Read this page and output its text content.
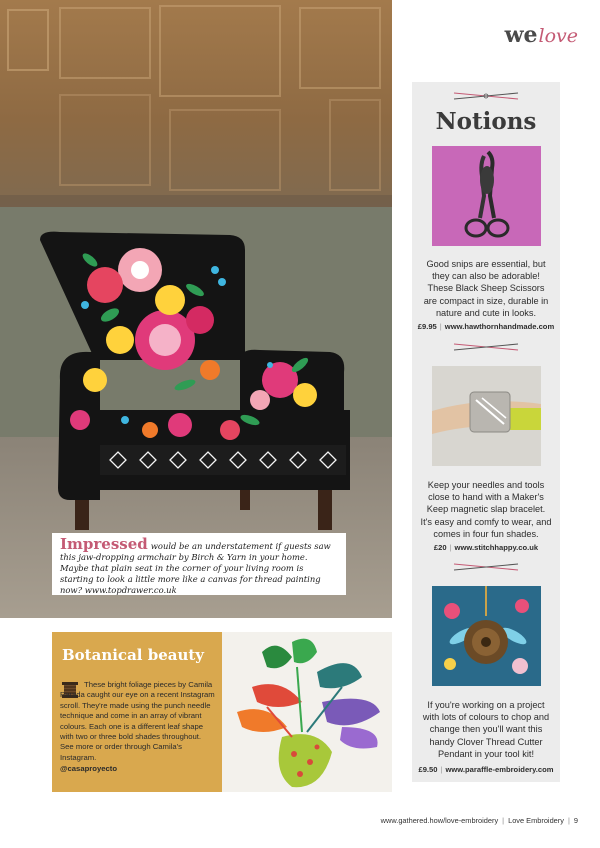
Impressed would be an understatement if guests saw this jaw-dropping armchair by Birch & Yarn in your home. Maybe that plain seat in the corner of your living room is starting to look a little more like a canvas for thread painting now? www.topdrawer.co.uk

we love
Notions
Good snips are essential, but they can also be adorable! These Black Sheep Scissors are compact in size, durable in nature and cute in looks.
£9.95 | www.hawthornhandmade.com
Keep your needles and tools close to hand with a Maker's Keep magnetic slap bracelet. It's easy and comfy to wear, and comes in four fun shades.
£20 | www.stitchhappy.co.uk
If you're working on a project with lots of colours to chop and change then you'll want this handy Clover Thread Cutter Pendant in your tool kit!
£9.50 | www.paraffle-embroidery.com
Botanical beauty

These bright foliage pieces by Camila Parada caught our eye on a recent Instagram scroll. They're made using the punch needle technique and come in an array of vibrant colours. Each one is a different leaf shape with two or three bold shades throughout. See more or order through Camila's Instagram.

@casaproyecto
www.gathered.how/love-embroidery | Love Embroidery | 9
